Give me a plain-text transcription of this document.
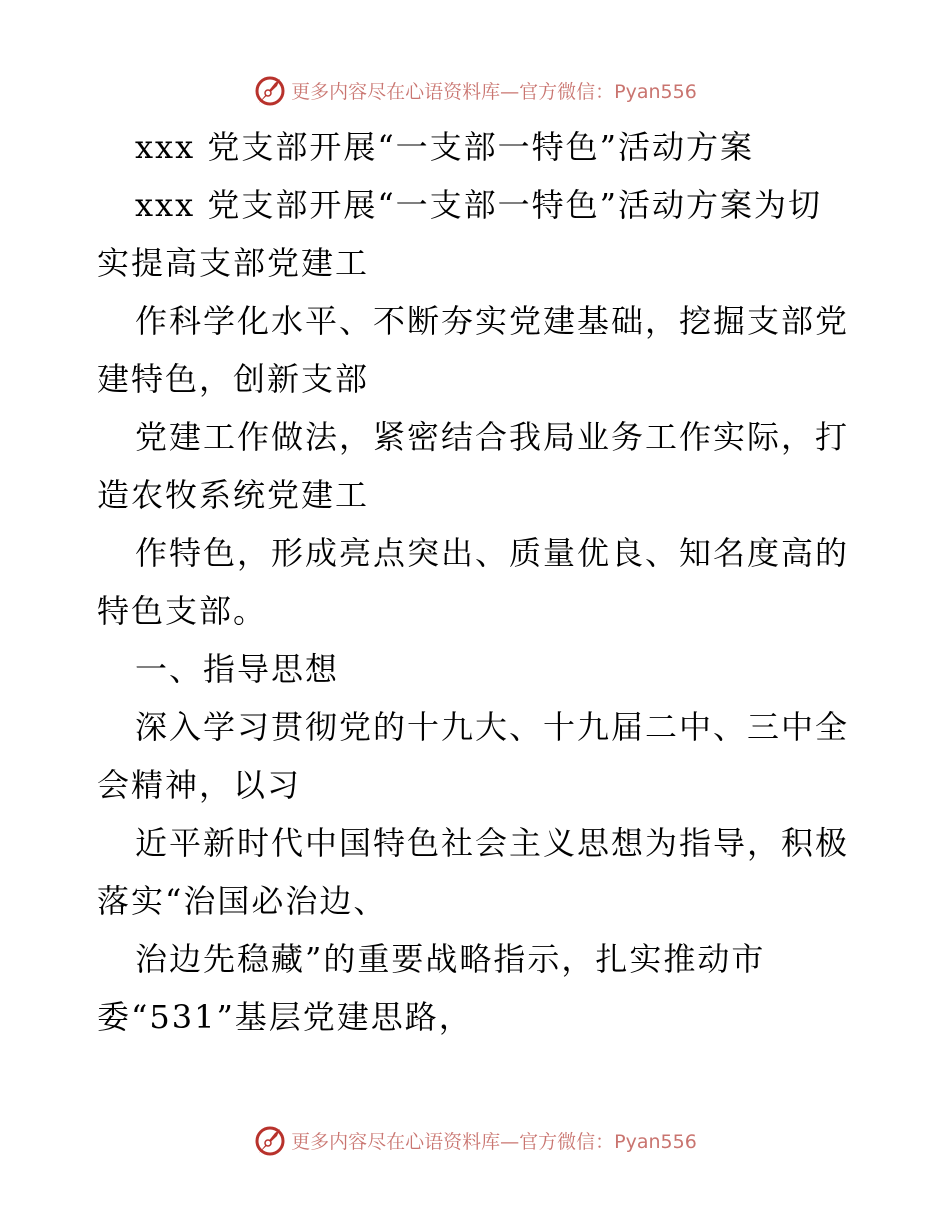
更多内容尽在心语资料库—官方微信：Pyan556
xxx 党支部开展“一支部一特色”活动方案
xxx 党支部开展“一支部一特色”活动方案为切
实提高支部党建工
作科学化水平、不断夯实党建基础，挖掘支部党
建特色，创新支部
党建工作做法，紧密结合我局业务工作实际，打
造农牧系统党建工
作特色，形成亮点突出、质量优良、知名度高的
特色支部。
一、指导思想
深入学习贯彻党的十九大、十九届二中、三中全
会精神，以习
近平新时代中国特色社会主义思想为指导，积极
落实“治国必治边、
治边先稳藏”的重要战略指示，扎实推动市
委“531”基层党建思路，
更多内容尽在心语资料库—官方微信：Pyan556
